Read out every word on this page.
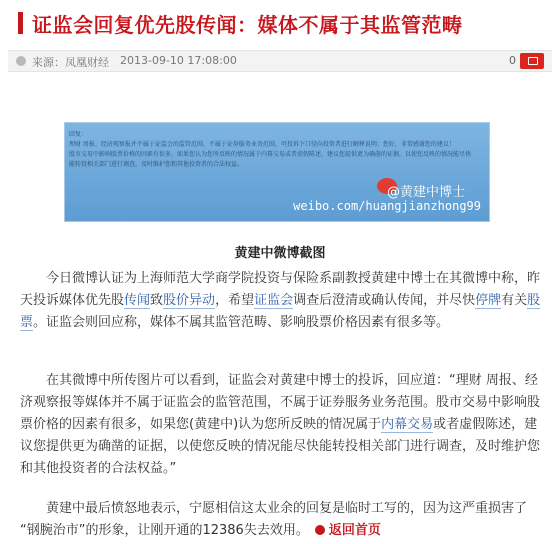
证监会回复优先股传闻：媒体不属于其监管范畴
来源：凤凰财经 2013-09-10 17:08:00	0
回复：
理财 周报、经济观察报并不属于证监会的监管范围，不属于证券服务业务范围，可投诉下口径向投资者进行解释说明；您好，非常感谢您的建议！
股市交易中影响股票价格的因素有很多，如果您认为您所反映的情况属于内幕交易或者虚假陈述，建议您提供更为确凿的证据，以使您反映的情况能尽快
能转投相关部门进行调查，及时维护您和其他投资者的合法权益。
@黄建中博士
weibo.com/huangjianzhong99
黄建中微博截图
今日微博认证为上海师范大学商学院投资与保险系副教授黄建中博士在其微博中称，昨
天投诉媒体优先股传闻致股价异动，希望证监会调查后澄清或确认传闻，并尽快停牌有关股
票。证监会则回应称，媒体不属其监管范畴、影响股票价格因素有很多等。
在其微博中所传图片可以看到，证监会对黄建中博士的投诉，回应道：“理财 周报、经
济观察报等媒体并不属于证监会的监管范围，不属于证券服务业务范围。股市交易中影响股
票价格的因素有很多，如果您(黄建中)认为您所反映的情况属于内幕交易或者虚假陈述，建
议您提供更为确凿的证据，以使您反映的情况能尽快能转投相关部门进行调查，及时维护您
和其他投资者的合法权益。”
黄建中最后愤怒地表示，宁愿相信这太业余的回复是临时工写的，因为这严重损害了
“钢腕治市”的形象，让刚开通的12386失去效用。 返回首页
